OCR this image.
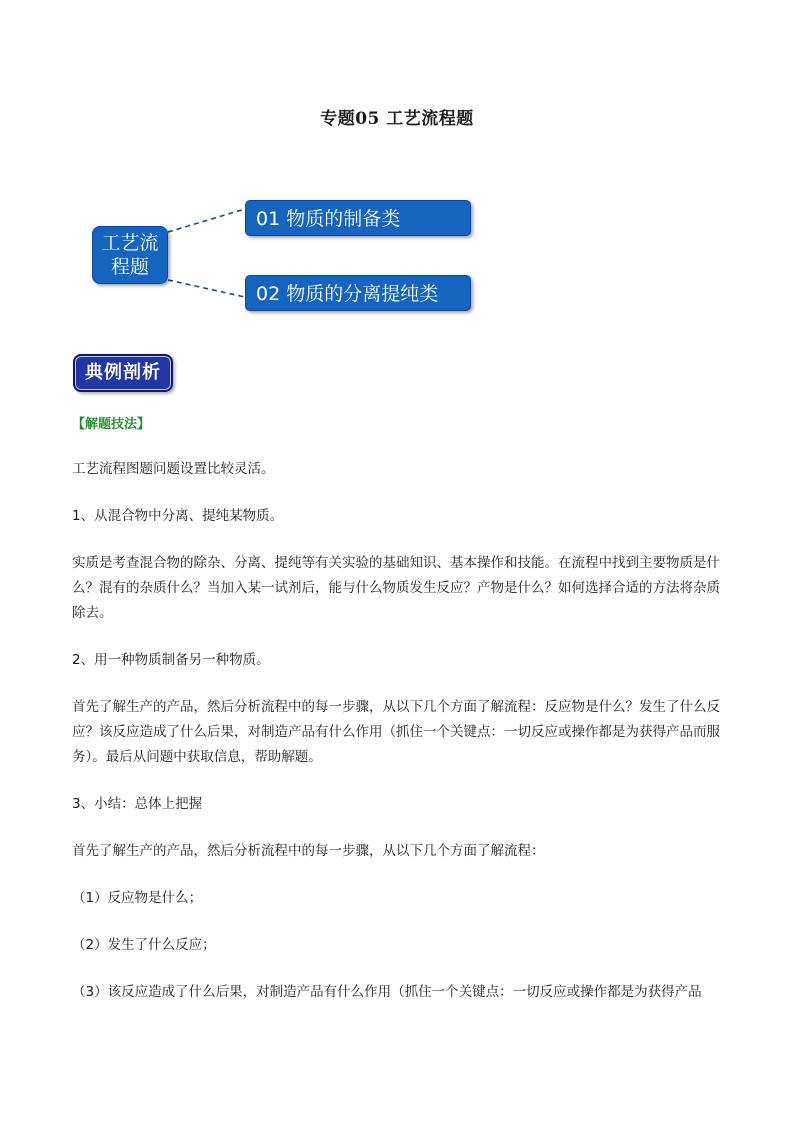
专题05 工艺流程题
工艺流程题
01 物质的制备类
02 物质的分离提纯类
典例剖析
【解题技法】

工艺流程图题问题设置比较灵活。

1、从混合物中分离、提纯某物质。

实质是考查混合物的除杂、分离、提纯等有关实验的基础知识、基本操作和技能。在流程中找到主要物质是什么？混有的杂质什么？当加入某一试剂后，能与什么物质发生反应？产物是什么？如何选择合适的方法将杂质除去。

2、用一种物质制备另一种物质。

首先了解生产的产品，然后分析流程中的每一步骤，从以下几个方面了解流程：反应物是什么？发生了什么反应？该反应造成了什么后果，对制造产品有什么作用（抓住一个关键点：一切反应或操作都是为获得产品而服务）。最后从问题中获取信息，帮助解题。

3、小结：总体上把握

首先了解生产的产品，然后分析流程中的每一步骤，从以下几个方面了解流程：

（1）反应物是什么；

（2）发生了什么反应；

（3）该反应造成了什么后果，对制造产品有什么作用（抓住一个关键点：一切反应或操作都是为获得产品
